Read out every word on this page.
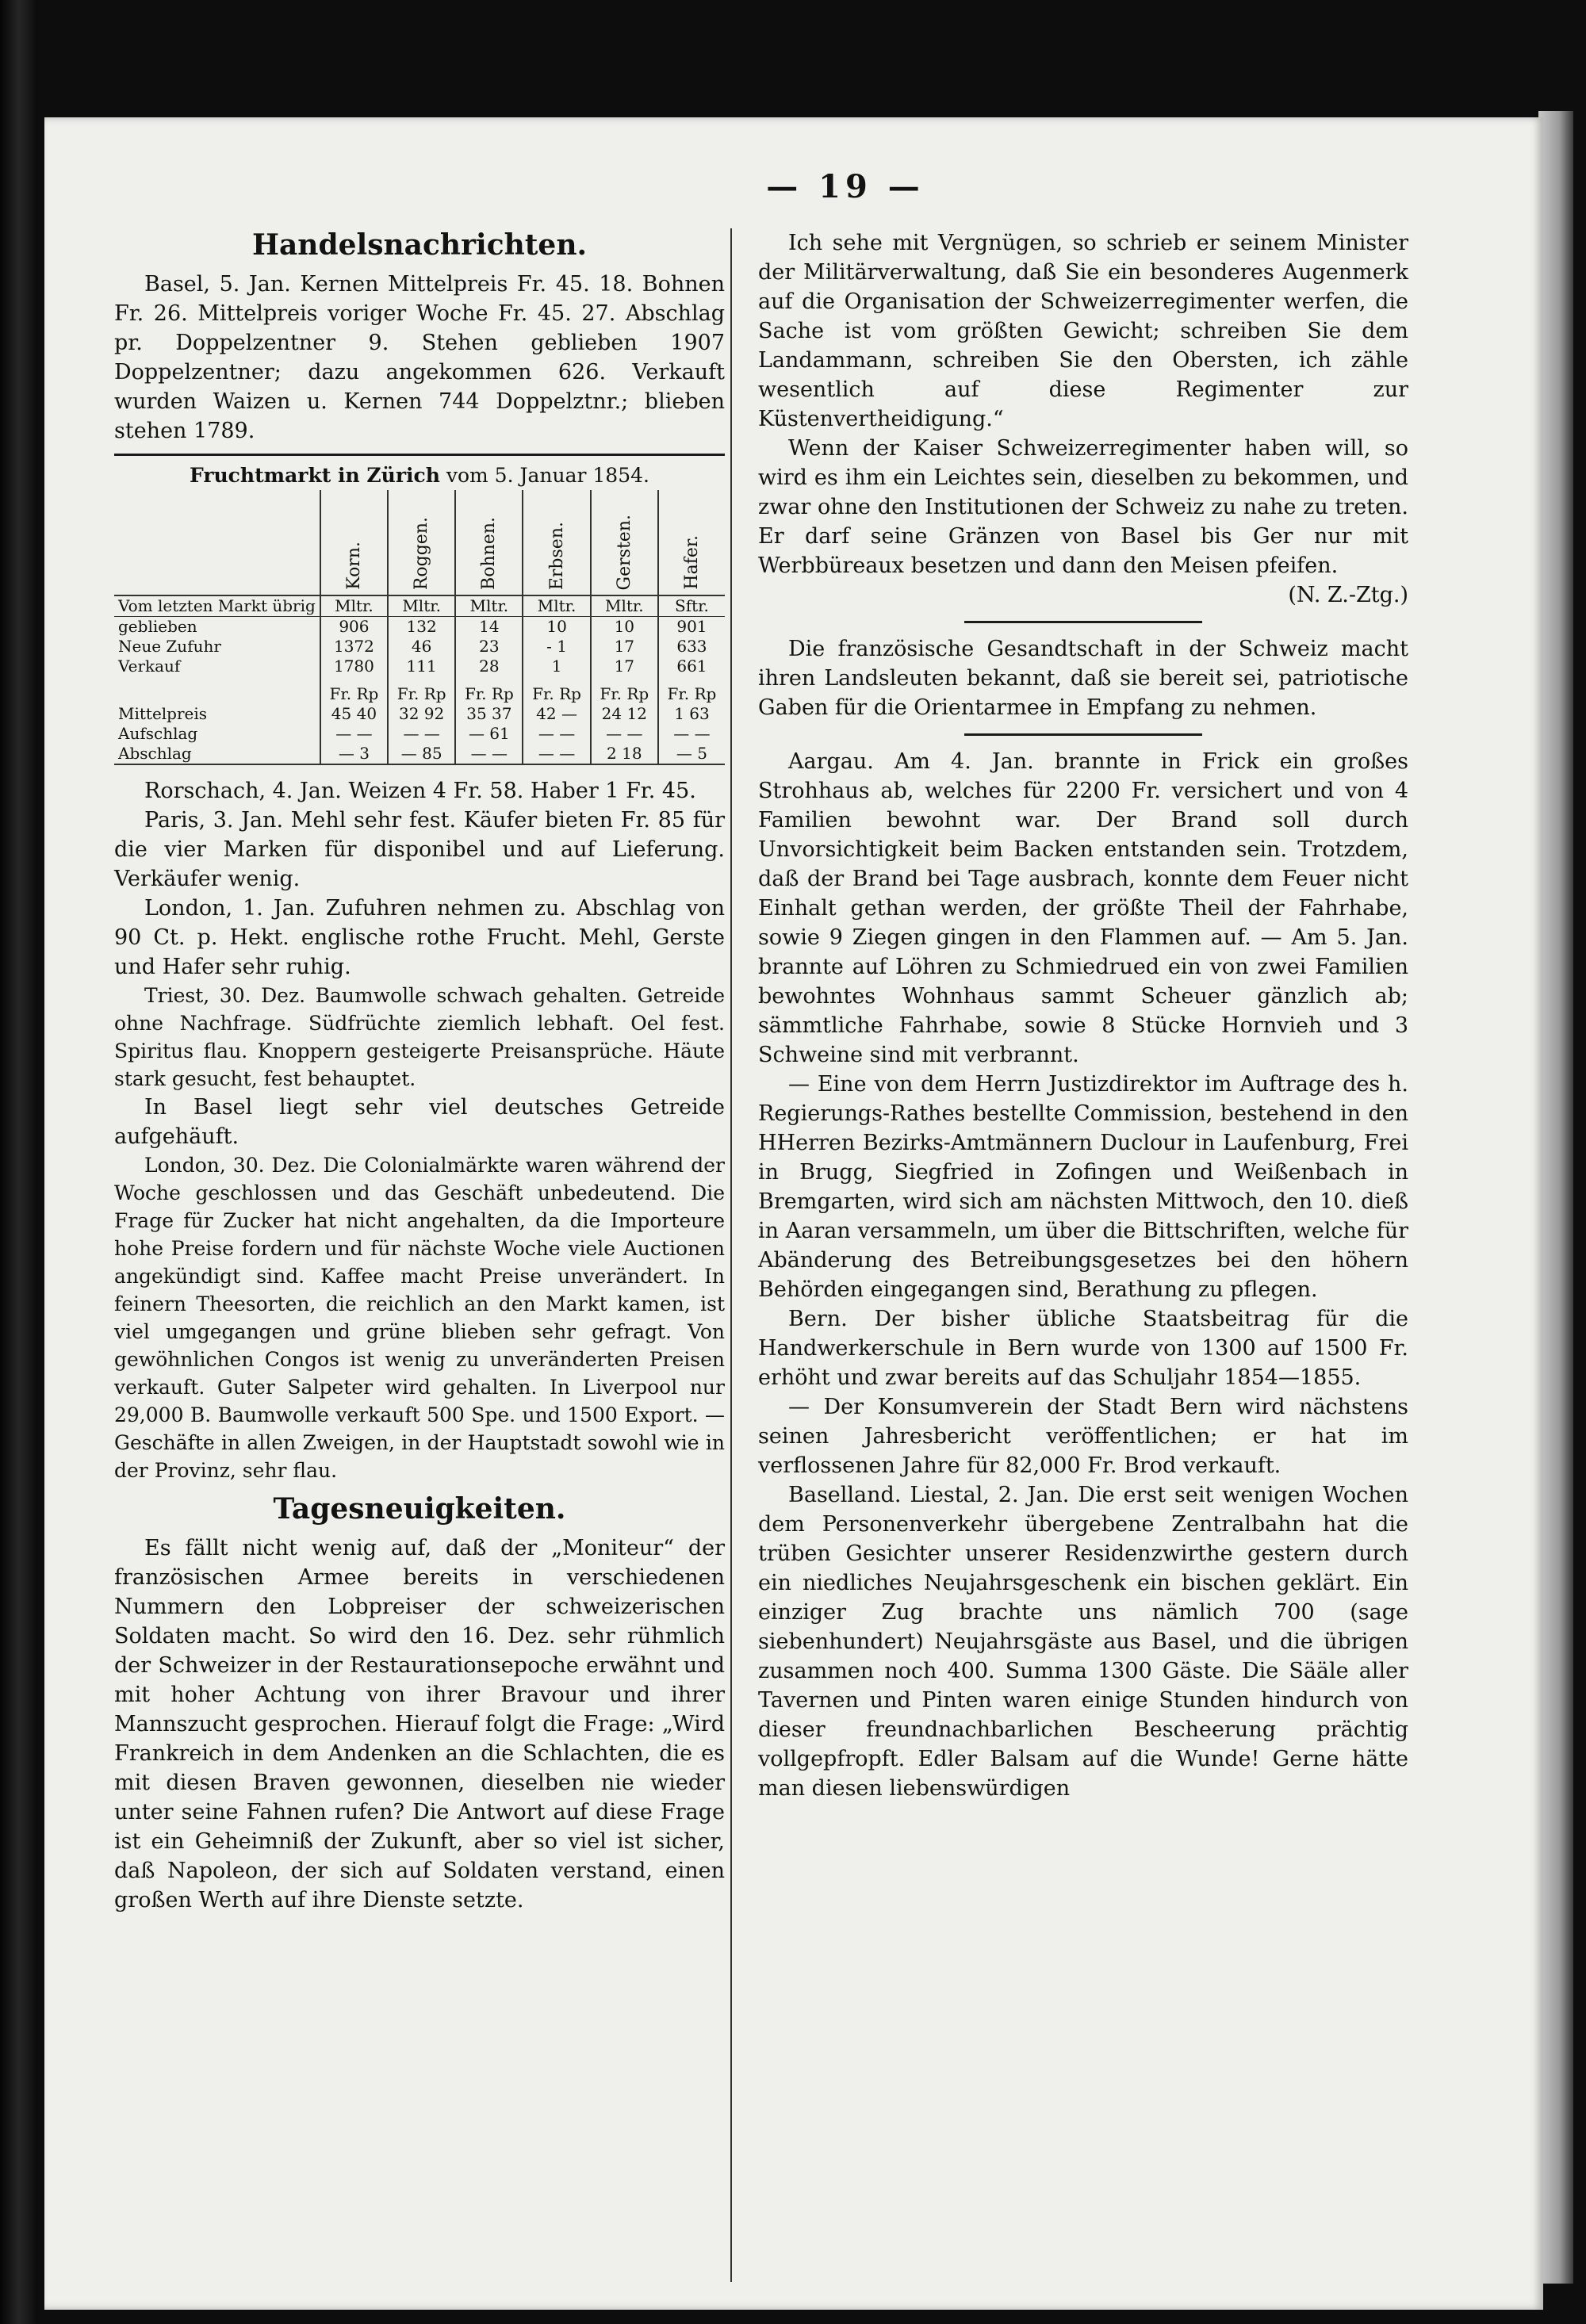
— 19 —
Handelsnachrichten.

Basel, 5. Jan. Kernen Mittelpreis Fr. 45. 18. Bohnen Fr. 26. Mittelpreis voriger Woche Fr. 45. 27. Abschlag pr. Doppelzentner 9. Stehen geblieben 1907 Doppelzentner; dazu angekommen 626. Verkauft wurden Waizen u. Kernen 744 Doppelztnr.; blieben stehen 1789.

Fruchtmarkt in Zürich vom 5. Januar 1854.
	Korn.	Roggen.	Bohnen.	Erbsen.	Gersten.	Hafer.
Vom letzten Markt übrig	Mltr.	Mltr.	Mltr.	Mltr.	Mltr.	Sftr.
geblieben	906	132	14	10	10	901
Neue Zufuhr	1372	46	23	- 1	17	633
Verkauf	1780	111	28	1	17	661

	Fr. Rp	Fr. Rp	Fr. Rp	Fr. Rp	Fr. Rp	Fr. Rp
Mittelpreis	45 40	32 92	35 37	42 —	24 12	1 63
Aufschlag	— —	— —	— 61	— —	— —	— —
Abschlag	— 3	— 85	— —	— —	2 18	— 5

Rorschach, 4. Jan. Weizen 4 Fr. 58. Haber 1 Fr. 45.

Paris, 3. Jan. Mehl sehr fest. Käufer bieten Fr. 85 für die vier Marken für disponibel und auf Lieferung. Verkäufer wenig.

London, 1. Jan. Zufuhren nehmen zu. Abschlag von 90 Ct. p. Hekt. englische rothe Frucht. Mehl, Gerste und Hafer sehr ruhig.

Triest, 30. Dez. Baumwolle schwach gehalten. Getreide ohne Nachfrage. Südfrüchte ziemlich lebhaft. Oel fest. Spiritus flau. Knoppern gesteigerte Preisansprüche. Häute stark gesucht, fest behauptet.

In Basel liegt sehr viel deutsches Getreide aufgehäuft.

London, 30. Dez. Die Colonialmärkte waren während der Woche geschlossen und das Geschäft unbedeutend. Die Frage für Zucker hat nicht angehalten, da die Importeure hohe Preise fordern und für nächste Woche viele Auctionen angekündigt sind. Kaffee macht Preise unverändert. In feinern Theesorten, die reichlich an den Markt kamen, ist viel umgegangen und grüne blieben sehr gefragt. Von gewöhnlichen Congos ist wenig zu unveränderten Preisen verkauft. Guter Salpeter wird gehalten. In Liverpool nur 29,000 B. Baumwolle verkauft 500 Spe. und 1500 Export. — Geschäfte in allen Zweigen, in der Hauptstadt sowohl wie in der Provinz, sehr flau.

Tagesneuigkeiten.

Es fällt nicht wenig auf, daß der „Moniteur“ der französischen Armee bereits in verschiedenen Nummern den Lobpreiser der schweizerischen Soldaten macht. So wird den 16. Dez. sehr rühmlich der Schweizer in der Restaurationsepoche erwähnt und mit hoher Achtung von ihrer Bravour und ihrer Mannszucht gesprochen. Hierauf folgt die Frage: „Wird Frankreich in dem Andenken an die Schlachten, die es mit diesen Braven gewonnen, dieselben nie wieder unter seine Fahnen rufen? Die Antwort auf diese Frage ist ein Geheimniß der Zukunft, aber so viel ist sicher, daß Napoleon, der sich auf Soldaten verstand, einen großen Werth auf ihre Dienste setzte.

Ich sehe mit Vergnügen, so schrieb er seinem Minister der Militärverwaltung, daß Sie ein besonderes Augenmerk auf die Organisation der Schweizerregimenter werfen, die Sache ist vom größten Gewicht; schreiben Sie dem Landammann, schreiben Sie den Obersten, ich zähle wesentlich auf diese Regimenter zur Küstenvertheidigung.“

Wenn der Kaiser Schweizerregimenter haben will, so wird es ihm ein Leichtes sein, dieselben zu bekommen, und zwar ohne den Institutionen der Schweiz zu nahe zu treten. Er darf seine Gränzen von Basel bis Ger nur mit Werbbüreaux besetzen und dann den Meisen pfeifen.

(N. Z.-Ztg.)

Die französische Gesandtschaft in der Schweiz macht ihren Landsleuten bekannt, daß sie bereit sei, patriotische Gaben für die Orientarmee in Empfang zu nehmen.

Aargau. Am 4. Jan. brannte in Frick ein großes Strohhaus ab, welches für 2200 Fr. versichert und von 4 Familien bewohnt war. Der Brand soll durch Unvorsichtigkeit beim Backen entstanden sein. Trotzdem, daß der Brand bei Tage ausbrach, konnte dem Feuer nicht Einhalt gethan werden, der größte Theil der Fahrhabe, sowie 9 Ziegen gingen in den Flammen auf. — Am 5. Jan. brannte auf Löhren zu Schmiedrued ein von zwei Familien bewohntes Wohnhaus sammt Scheuer gänzlich ab; sämmtliche Fahrhabe, sowie 8 Stücke Hornvieh und 3 Schweine sind mit verbrannt.

— Eine von dem Herrn Justizdirektor im Auftrage des h. Regierungs-Rathes bestellte Commission, bestehend in den HHerren Bezirks-Amtmännern Duclour in Laufenburg, Frei in Brugg, Siegfried in Zofingen und Weißenbach in Bremgarten, wird sich am nächsten Mittwoch, den 10. dieß in Aaran versammeln, um über die Bittschriften, welche für Abänderung des Betreibungsgesetzes bei den höhern Behörden eingegangen sind, Berathung zu pflegen.

Bern. Der bisher übliche Staatsbeitrag für die Handwerkerschule in Bern wurde von 1300 auf 1500 Fr. erhöht und zwar bereits auf das Schuljahr 1854—1855.

— Der Konsumverein der Stadt Bern wird nächstens seinen Jahresbericht veröffentlichen; er hat im verflossenen Jahre für 82,000 Fr. Brod verkauft.

Baselland. Liestal, 2. Jan. Die erst seit wenigen Wochen dem Personenverkehr übergebene Zentralbahn hat die trüben Gesichter unserer Residenzwirthe gestern durch ein niedliches Neujahrsgeschenk ein bischen geklärt. Ein einziger Zug brachte uns nämlich 700 (sage siebenhundert) Neujahrsgäste aus Basel, und die übrigen zusammen noch 400. Summa 1300 Gäste. Die Sääle aller Tavernen und Pinten waren einige Stunden hindurch von dieser freundnachbarlichen Bescheerung prächtig vollgepfropft. Edler Balsam auf die Wunde! Gerne hätte man diesen liebenswürdigen
